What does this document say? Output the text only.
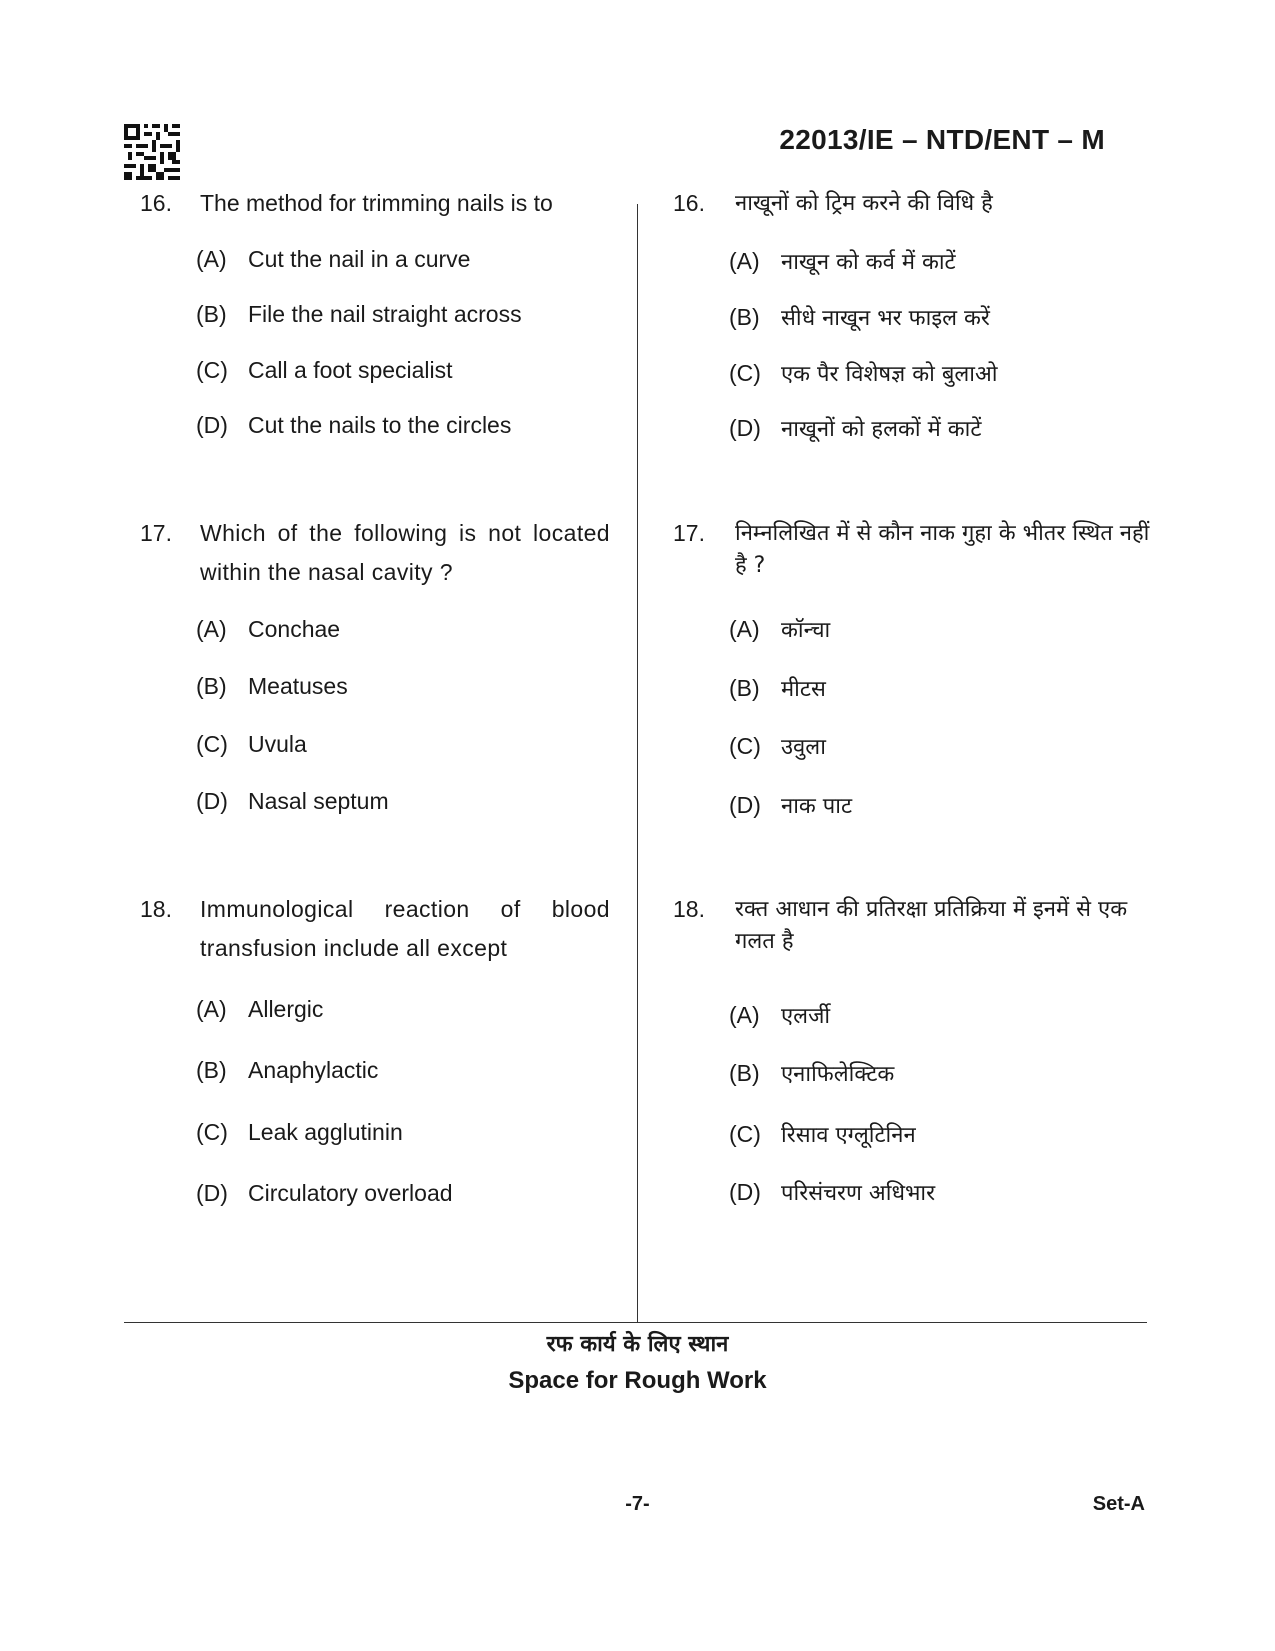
22013/IE – NTD/ENT – M
16. The method for trimming nails is to
(A) Cut the nail in a curve
(B) File the nail straight across
(C) Call a foot specialist
(D) Cut the nails to the circles
17. Which of the following is not located within the nasal cavity ?
(A) Conchae
(B) Meatuses
(C) Uvula
(D) Nasal septum
18. Immunological reaction of blood transfusion include all except
(A) Allergic
(B) Anaphylactic
(C) Leak agglutinin
(D) Circulatory overload
16. नाखूनों को ट्रिम करने की विधि है
(A) नाखून को कर्व में काटें
(B) सीधे नाखून भर फाइल करें
(C) एक पैर विशेषज्ञ को बुलाओ
(D) नाखूनों को हलकों में काटें
17. निम्नलिखित में से कौन नाक गुहा के भीतर स्थित नहीं है ?
(A) कॉन्चा
(B) मीटस
(C) उवुला
(D) नाक पाट
18. रक्त आधान की प्रतिरक्षा प्रतिक्रिया में इनमें से एक गलत है
(A) एलर्जी
(B) एनाफिलेक्टिक
(C) रिसाव एग्लूटिनिन
(D) परिसंचरण अधिभार
रफ कार्य के लिए स्थान
Space for Rough Work
-7-	Set-A
